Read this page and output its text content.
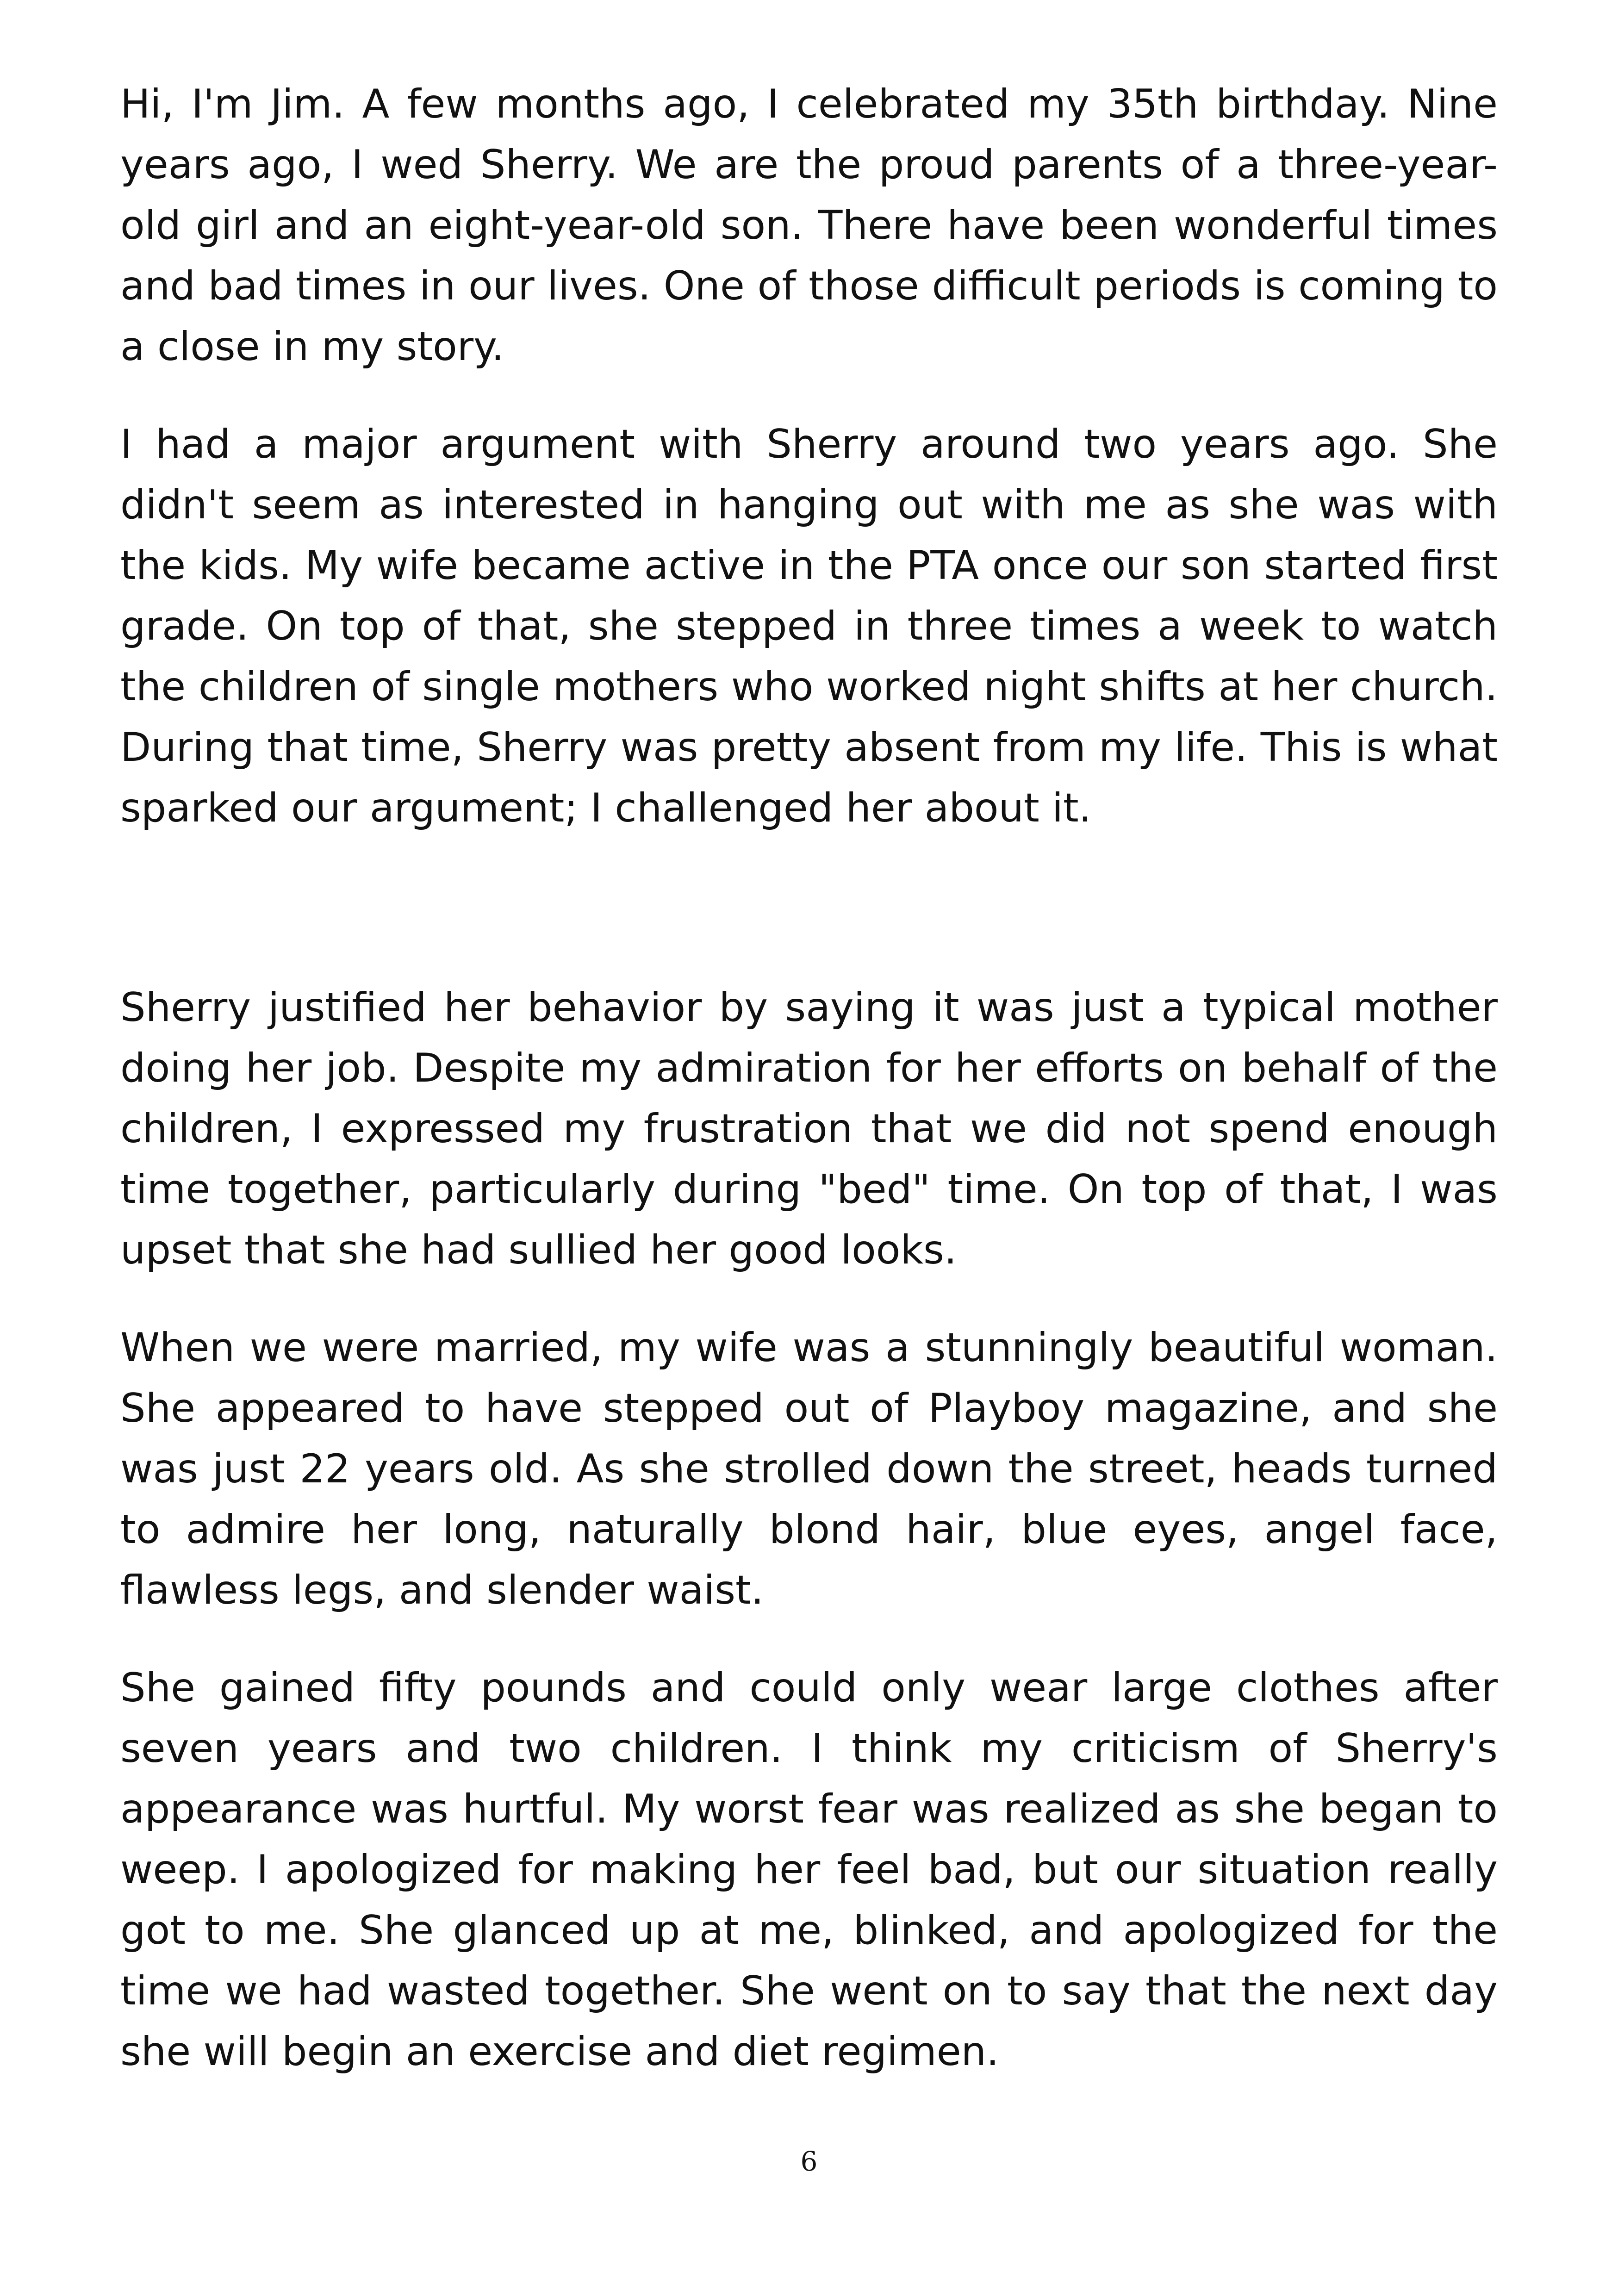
Hi, I'm Jim. A few months ago, I celebrated my 35th birthday. Nine years ago, I wed Sherry. We are the proud parents of a three-year-old girl and an eight-year-old son. There have been wonderful times and bad times in our lives. One of those difficult periods is coming to a close in my story.

I had a major argument with Sherry around two years ago. She didn't seem as interested in hanging out with me as she was with the kids. My wife became active in the PTA once our son started first grade. On top of that, she stepped in three times a week to watch the children of single mothers who worked night shifts at her church. During that time, Sherry was pretty absent from my life. This is what sparked our argument; I challenged her about it.

Sherry justified her behavior by saying it was just a typical mother doing her job. Despite my admiration for her efforts on behalf of the children, I expressed my frustration that we did not spend enough time together, particularly during "bed" time. On top of that, I was upset that she had sullied her good looks.

When we were married, my wife was a stunningly beautiful woman. She appeared to have stepped out of Playboy magazine, and she was just 22 years old. As she strolled down the street, heads turned to admire her long, naturally blond hair, blue eyes, angel face, flawless legs, and slender waist.

She gained fifty pounds and could only wear large clothes after seven years and two children. I think my criticism of Sherry's appearance was hurtful. My worst fear was realized as she began to weep. I apologized for making her feel bad, but our situation really got to me. She glanced up at me, blinked, and apologized for the time we had wasted together. She went on to say that the next day she will begin an exercise and diet regimen.

6
